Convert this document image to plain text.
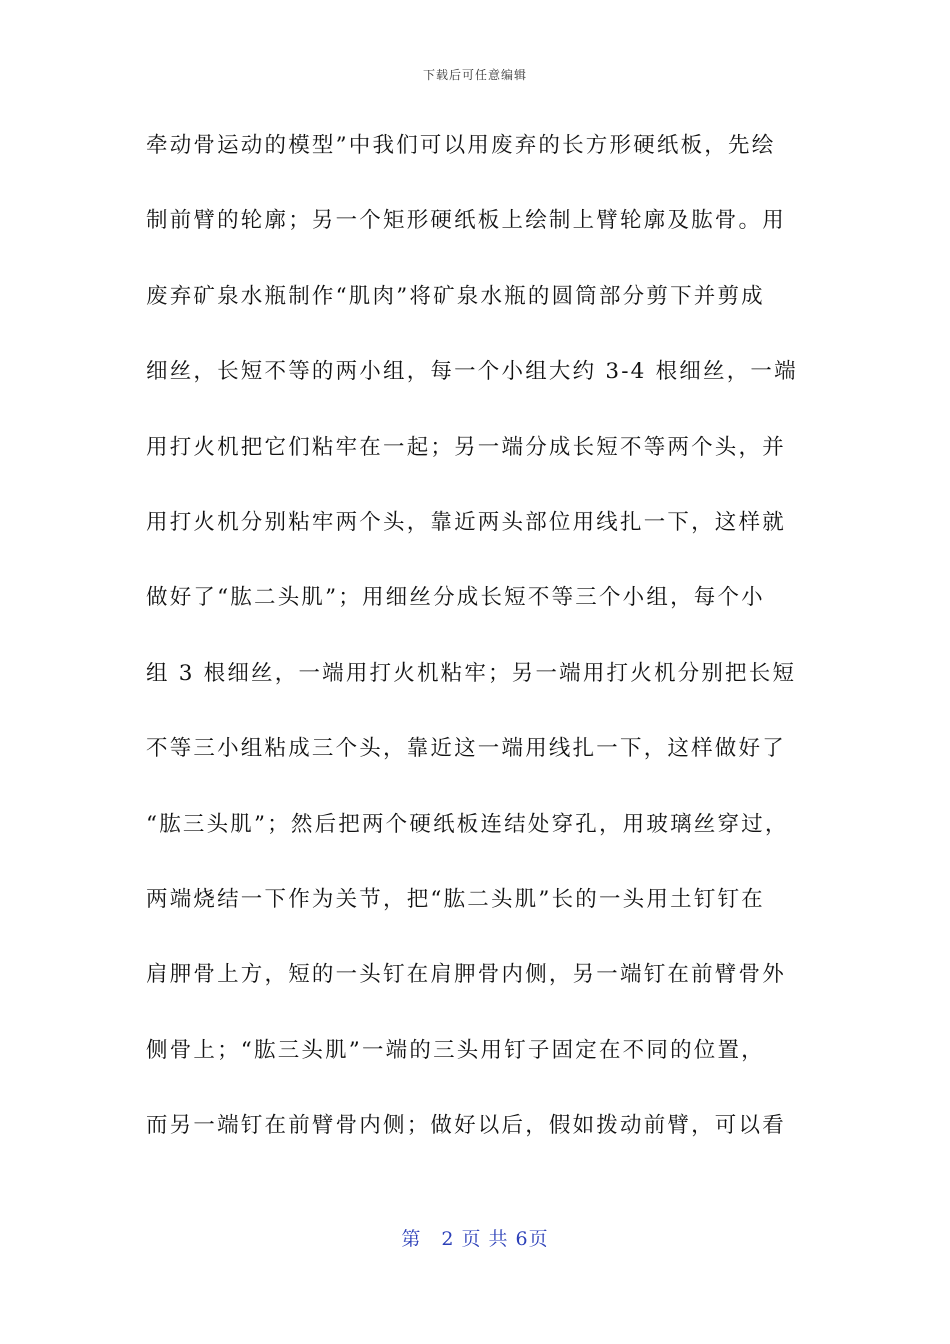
下载后可任意编辑
牵动骨运动的模型”中我们可以用废弃的长方形硬纸板，先绘
制前臂的轮廓；另一个矩形硬纸板上绘制上臂轮廓及肱骨。用
废弃矿泉水瓶制作“肌肉”将矿泉水瓶的圆筒部分剪下并剪成
细丝，长短不等的两小组，每一个小组大约 3-4 根细丝，一端
用打火机把它们粘牢在一起；另一端分成长短不等两个头，并
用打火机分别粘牢两个头，靠近两头部位用线扎一下，这样就
做好了“肱二头肌”；用细丝分成长短不等三个小组，每个小
组 3 根细丝，一端用打火机粘牢；另一端用打火机分别把长短
不等三小组粘成三个头，靠近这一端用线扎一下，这样做好了
“肱三头肌”；然后把两个硬纸板连结处穿孔，用玻璃丝穿过，
两端烧结一下作为关节，把“肱二头肌”长的一头用土钉钉在
肩胛骨上方，短的一头钉在肩胛骨内侧，另一端钉在前臂骨外
侧骨上；“肱三头肌”一端的三头用钉子固定在不同的位置，
而另一端钉在前臂骨内侧；做好以后，假如拨动前臂，可以看
第　2 页 共 6页
